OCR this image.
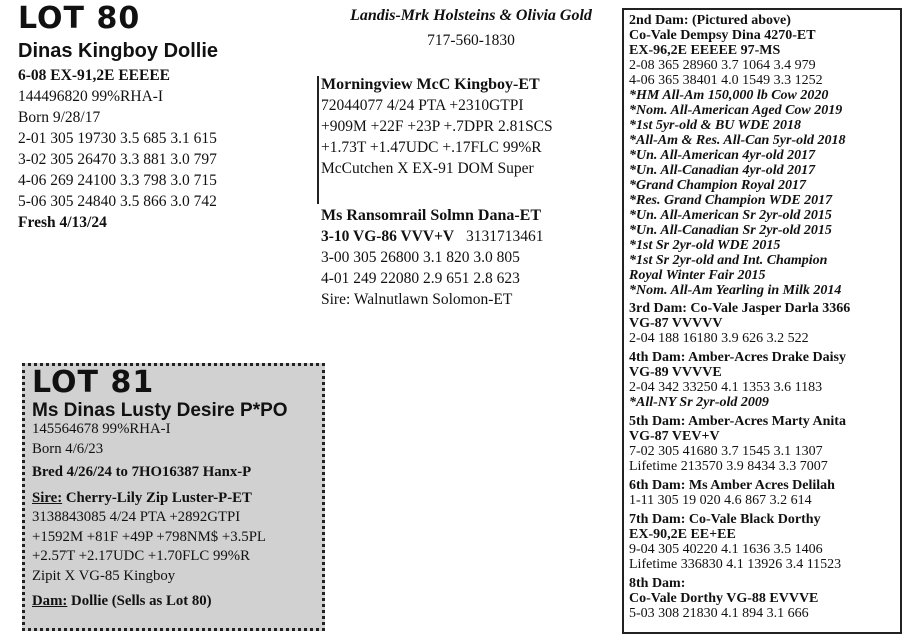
LOT 80
Dinas Kingboy Dollie
6-08 EX-91,2E EEEEE
144496820 99%RHA-I
Born 9/28/17
2-01 305 19730 3.5 685 3.1 615
3-02 305 26470 3.3 881 3.0 797
4-06 269 24100 3.3 798 3.0 715
5-06 305 24840 3.5 866 3.0 742
Fresh 4/13/24
Landis-Mrk Holsteins & Olivia Gold
717-560-1830
Morningview McC Kingboy-ET
72044077 4/24 PTA +2310GTPI
+909M +22F +23P +.7DPR 2.81SCS
+1.73T +1.47UDC +.17FLC 99%R
McCutchen X EX-91 DOM Super
Ms Ransomrail Solmn Dana-ET
3-10 VG-86 VVV+V 3131713461
3-00 305 26800 3.1 820 3.0 805
4-01 249 22080 2.9 651 2.8 623
Sire: Walnutlawn Solomon-ET
LOT 81
Ms Dinas Lusty Desire P*PO
145564678 99%RHA-I
Born 4/6/23
Bred 4/26/24 to 7HO16387 Hanx-P
Sire: Cherry-Lily Zip Luster-P-ET
3138843085 4/24 PTA +2892GTPI
+1592M +81F +49P +798NM$ +3.5PL
+2.57T +2.17UDC +1.70FLC 99%R
Zipit X VG-85 Kingboy
Dam: Dollie (Sells as Lot 80)
2nd Dam: (Pictured above)
Co-Vale Dempsy Dina 4270-ET
EX-96,2E EEEEE 97-MS
2-08 365 28960 3.7 1064 3.4 979
4-06 365 38401 4.0 1549 3.3 1252
*HM All-Am 150,000 lb Cow 2020
*Nom. All-American Aged Cow 2019
*1st 5yr-old & BU WDE 2018
*All-Am & Res. All-Can 5yr-old 2018
*Un. All-American 4yr-old 2017
*Un. All-Canadian 4yr-old 2017
*Grand Champion Royal 2017
*Res. Grand Champion WDE 2017
*Un. All-American Sr 2yr-old 2015
*Un. All-Canadian Sr 2yr-old 2015
*1st Sr 2yr-old WDE 2015
*1st Sr 2yr-old and Int. Champion
Royal Winter Fair 2015
*Nom. All-Am Yearling in Milk 2014
3rd Dam: Co-Vale Jasper Darla 3366
VG-87 VVVVV
2-04 188 16180 3.9 626 3.2 522
4th Dam: Amber-Acres Drake Daisy
VG-89 VVVVE
2-04 342 33250 4.1 1353 3.6 1183
*All-NY Sr 2yr-old 2009
5th Dam: Amber-Acres Marty Anita
VG-87 VEV+V
7-02 305 41680 3.7 1545 3.1 1307
Lifetime 213570 3.9 8434 3.3 7007
6th Dam: Ms Amber Acres Delilah
1-11 305 19 020 4.6 867 3.2 614
7th Dam: Co-Vale Black Dorthy
EX-90,2E EE+EE
9-04 305 40220 4.1 1636 3.5 1406
Lifetime 336830 4.1 13926 3.4 11523
8th Dam:
Co-Vale Dorthy VG-88 EVVVE
5-03 308 21830 4.1 894 3.1 666
